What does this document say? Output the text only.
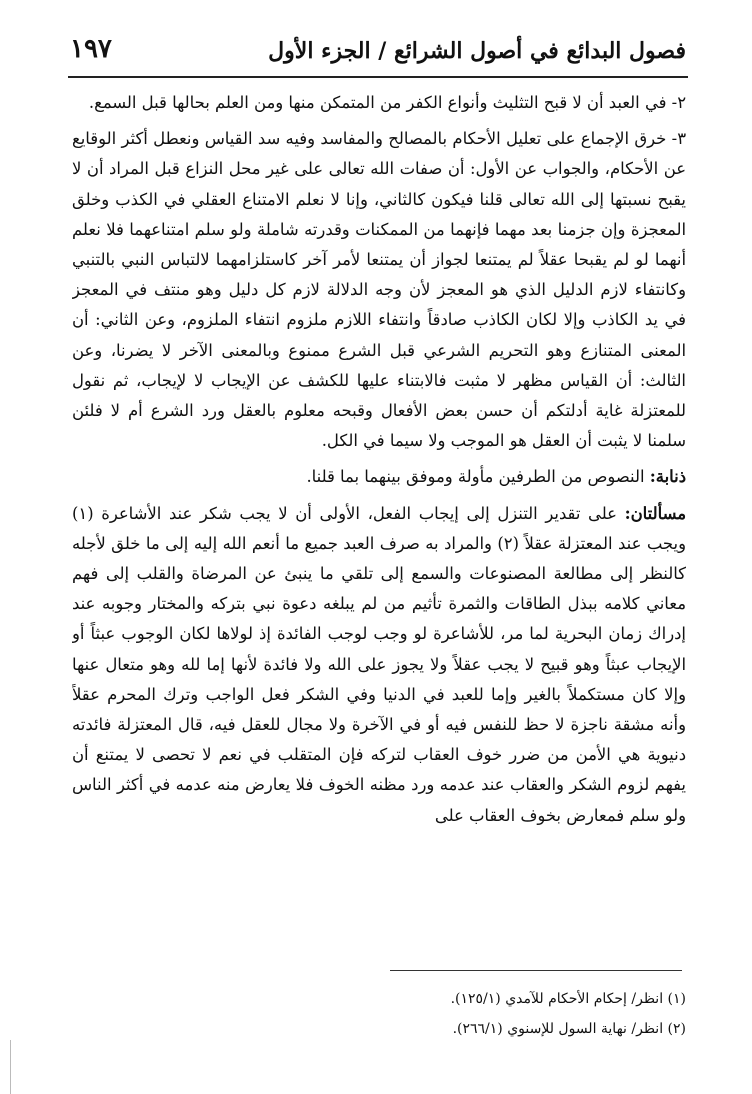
فصول البدائع في أصول الشرائع / الجزء الأول
١٩٧

٢- في العبد أن لا قبح التثليث وأنواع الكفر من المتمكن منها ومن العلم بحالها قبل السمع.

٣- خرق الإجماع على تعليل الأحكام بالمصالح والمفاسد وفيه سد القياس ونعطل أكثر الوقايع عن الأحكام، والجواب عن الأول: أن صفات الله تعالى على غير محل النزاع قبل المراد أن لا يقبح نسبتها إلى الله تعالى قلنا فيكون كالثاني، وإنا لا نعلم الامتناع العقلي في الكذب وخلق المعجزة وإن جزمنا بعد مهما فإنهما من الممكنات وقدرته شاملة ولو سلم امتناعهما فلا نعلم أنهما لو لم يقبحا عقلاً لم يمتنعا لجواز أن يمتنعا لأمر آخر كاستلزامهما لالتباس النبي بالتنبي وكانتفاء لازم الدليل الذي هو المعجز لأن وجه الدلالة لازم كل دليل وهو منتف في المعجز في يد الكاذب وإلا لكان الكاذب صادقاً وانتفاء اللازم ملزوم انتفاء الملزوم، وعن الثاني: أن المعنى المتنازع وهو التحريم الشرعي قبل الشرع ممنوع وبالمعنى الآخر لا يضرنا، وعن الثالث: أن القياس مظهر لا مثبت فالابتناء عليها للكشف عن الإيجاب لا لإيجاب، ثم نقول للمعتزلة غاية أدلتكم أن حسن بعض الأفعال وقبحه معلوم بالعقل ورد الشرع أم لا فلئن سلمنا لا يثبت أن العقل هو الموجب ولا سيما في الكل.

ذنابة: النصوص من الطرفين مأولة وموفق بينهما بما قلنا.

مسألتان: على تقدير التنزل إلى إيجاب الفعل، الأولى أن لا يجب شكر عند الأشاعرة (١) ويجب عند المعتزلة عقلاً (٢) والمراد به صرف العبد جميع ما أنعم الله إليه إلى ما خلق لأجله كالنظر إلى مطالعة المصنوعات والسمع إلى تلقي ما ينبئ عن المرضاة والقلب إلى فهم معاني كلامه ببذل الطاقات والثمرة تأثيم من لم يبلغه دعوة نبي بتركه والمختار وجوبه عند إدراك زمان البحرية لما مر، للأشاعرة لو وجب لوجب الفائدة إذ لولاها لكان الوجوب عبثاً أو الإيجاب عبثاً وهو قبيح لا يجب عقلاً ولا يجوز على الله ولا فائدة لأنها إما لله وهو متعال عنها وإلا كان مستكملاً بالغير وإما للعبد في الدنيا وفي الشكر فعل الواجب وترك المحرم عقلاً وأنه مشقة ناجزة لا حظ للنفس فيه أو في الآخرة ولا مجال للعقل فيه، قال المعتزلة فائدته دنيوية هي الأمن من ضرر خوف العقاب لتركه فإن المتقلب في نعم لا تحصى لا يمتنع أن يفهم لزوم الشكر والعقاب عند عدمه ورد مظنه الخوف فلا يعارض منه عدمه في أكثر الناس ولو سلم فمعارض بخوف العقاب على

(١) انظر/ إحكام الأحكام للآمدي (١٢٥/١).
(٢) انظر/ نهاية السول للإسنوي (٢٦٦/١).
